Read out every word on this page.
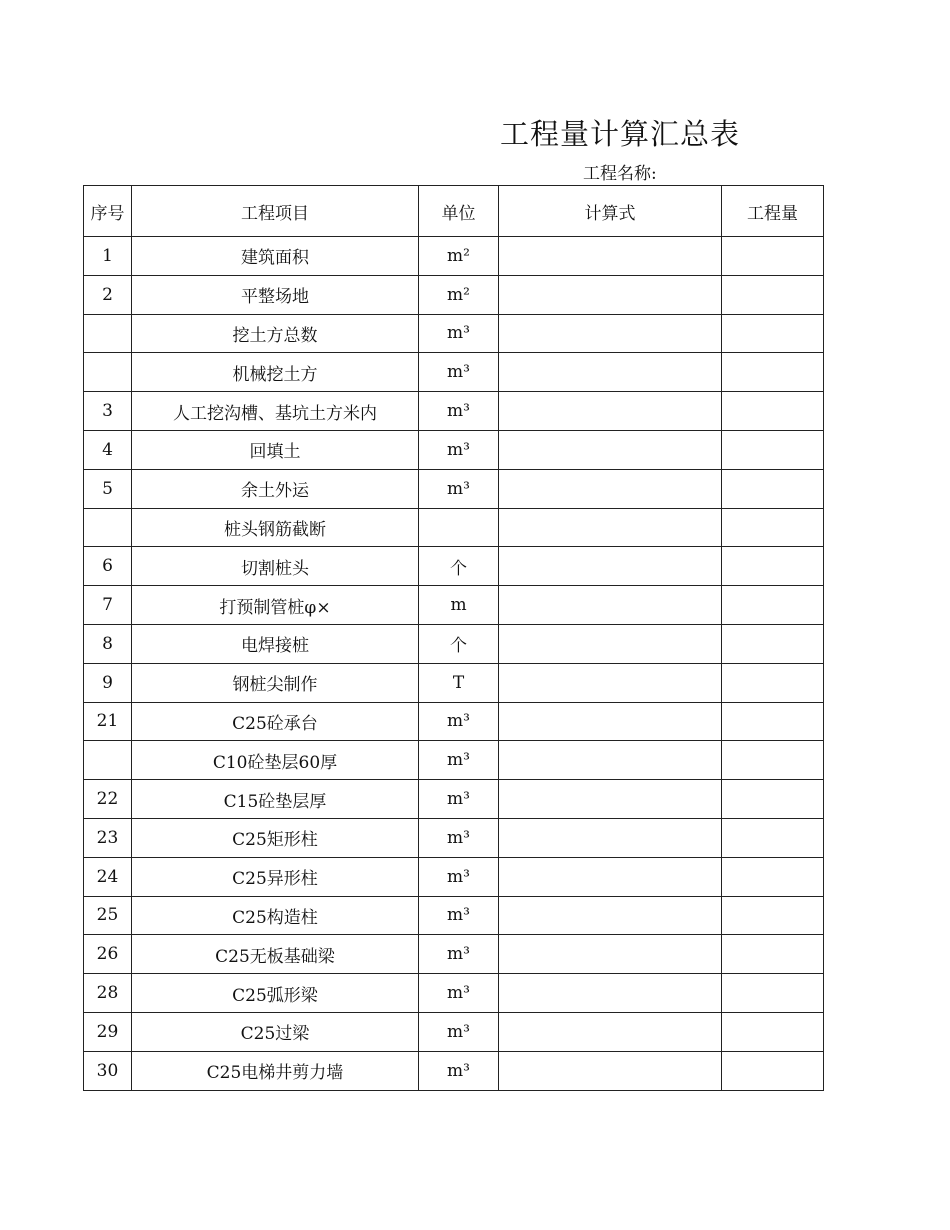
工程量计算汇总表
工程名称:
序号	工程项目	单位	计算式	工程量
1	建筑面积	m²		
2	平整场地	m²		
	挖土方总数	m³		
	机械挖土方	m³		
3	人工挖沟槽、基坑土方米内	m³		
4	回填土	m³		
5	余土外运	m³		
	桩头钢筋截断			
6	切割桩头	个		
7	打预制管桩φ×	m		
8	电焊接桩	个		
9	钢桩尖制作	T		
21	C25砼承台	m³		
	C10砼垫层60厚	m³		
22	C15砼垫层厚	m³		
23	C25矩形柱	m³		
24	C25异形柱	m³		
25	C25构造柱	m³		
26	C25无板基础梁	m³		
28	C25弧形梁	m³		
29	C25过梁	m³		
30	C25电梯井剪力墙	m³		
